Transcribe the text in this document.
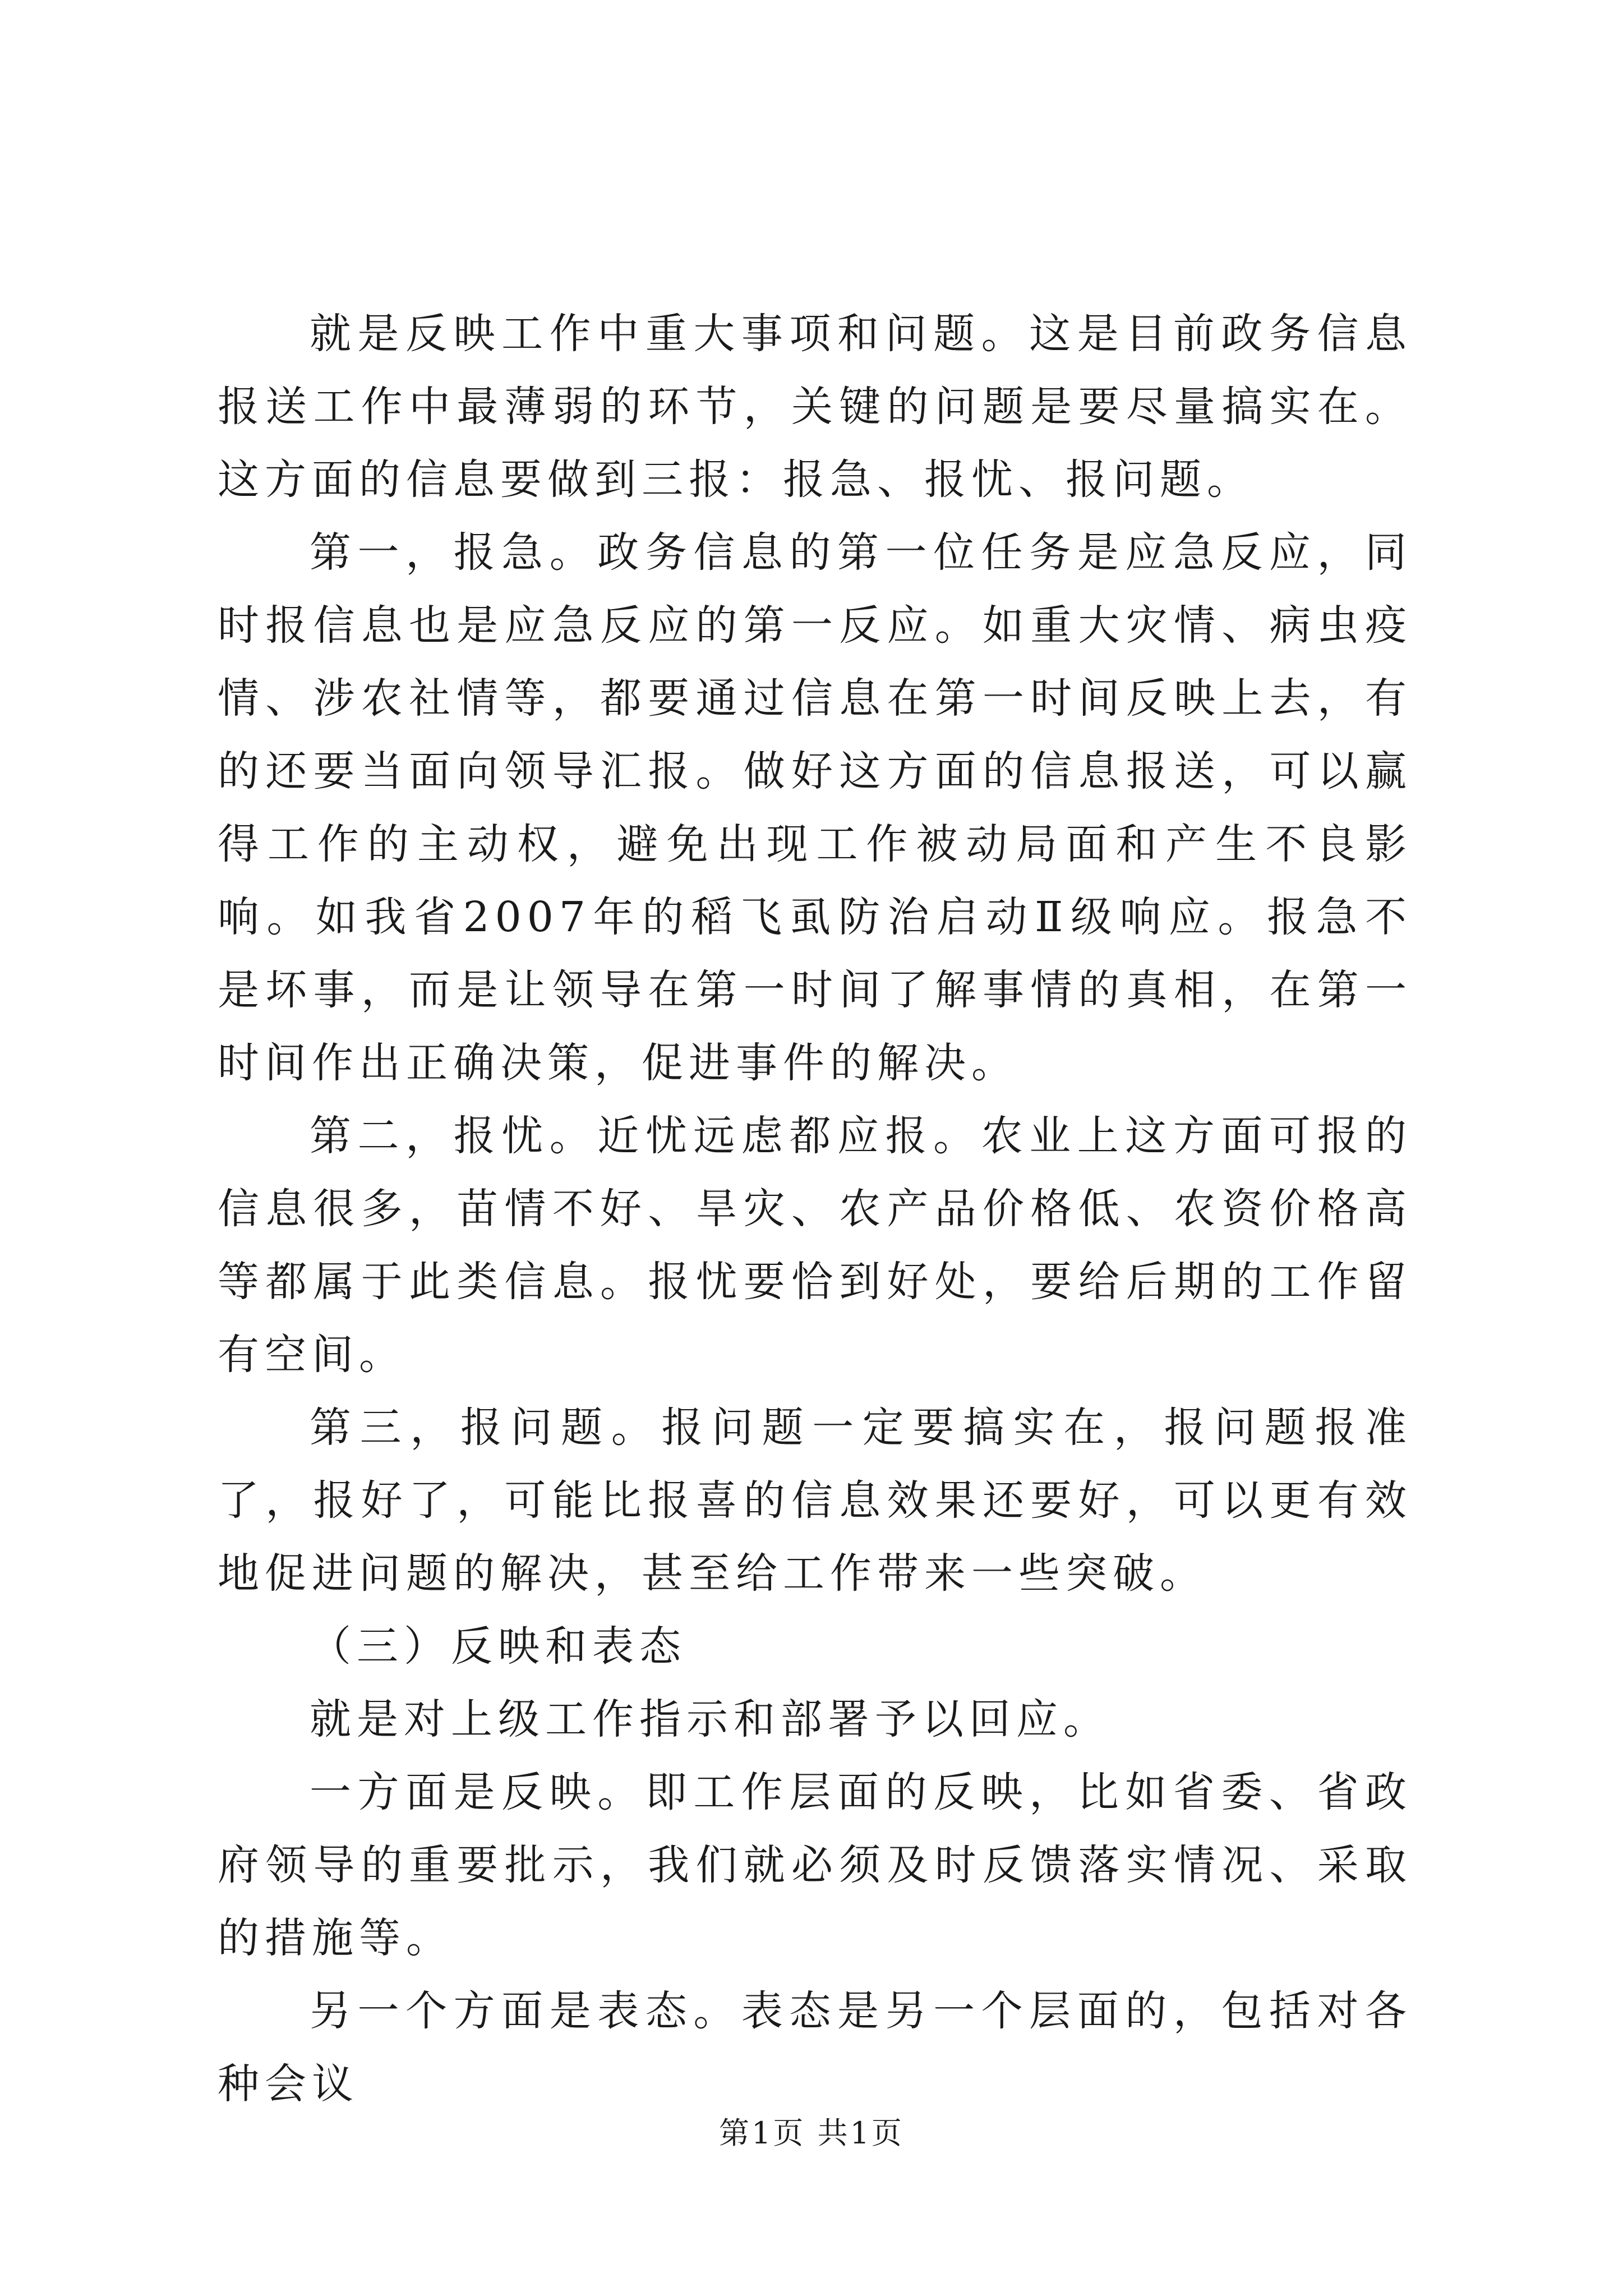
就是反映工作中重大事项和问题。这是目前政务信息报送工作中最薄弱的环节，关键的问题是要尽量搞实在。这方面的信息要做到三报：报急、报忧、报问题。

第一，报急。政务信息的第一位任务是应急反应，同时报信息也是应急反应的第一反应。如重大灾情、病虫疫情、涉农社情等，都要通过信息在第一时间反映上去，有的还要当面向领导汇报。做好这方面的信息报送，可以赢得工作的主动权，避免出现工作被动局面和产生不良影响。如我省2007年的稻飞虱防治启动Ⅱ级响应。报急不是坏事，而是让领导在第一时间了解事情的真相，在第一时间作出正确决策，促进事件的解决。

第二，报忧。近忧远虑都应报。农业上这方面可报的信息很多，苗情不好、旱灾、农产品价格低、农资价格高等都属于此类信息。报忧要恰到好处，要给后期的工作留有空间。

第三，报问题。报问题一定要搞实在，报问题报准了，报好了，可能比报喜的信息效果还要好，可以更有效地促进问题的解决，甚至给工作带来一些突破。

（三）反映和表态

就是对上级工作指示和部署予以回应。

一方面是反映。即工作层面的反映，比如省委、省政府领导的重要批示，我们就必须及时反馈落实情况、采取的措施等。

另一个方面是表态。表态是另一个层面的，包括对各种会议

第1页 共1页
